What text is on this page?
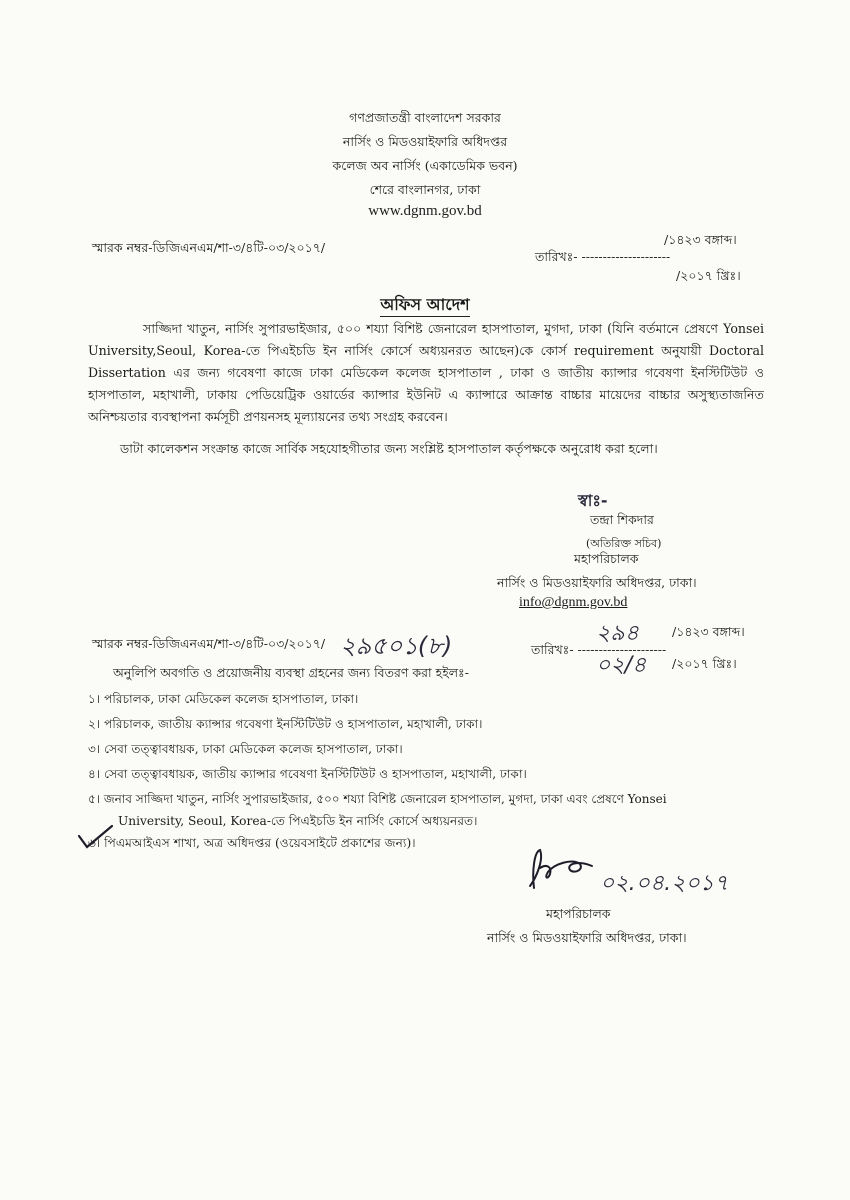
গণপ্রজাতন্ত্রী বাংলাদেশ সরকার
নার্সিং ও মিডওয়াইফারি অধিদপ্তর
কলেজ অব নার্সিং (একাডেমিক ভবন)
শেরে বাংলানগর, ঢাকা
www.dgnm.gov.bd
স্মারক নম্বর-ডিজিএনএম/শা-৩/৪টি-০৩/২০১৭/
/১৪২৩ বঙ্গাব্দ।
তারিখঃ- ---------------------
/২০১৭ খ্রিঃ।
অফিস আদেশ
সাজ্জিদা খাতুন, নার্সিং সুপারভাইজার, ৫০০ শয্যা বিশিষ্ট জেনারেল হাসপাতাল, মুগদা, ঢাকা (যিনি বর্তমানে প্রেষণে Yonsei University,Seoul, Korea-তে পিএইচডি ইন নার্সিং কোর্সে অধ্যয়নরত আছেন)কে কোর্স requirement অনুযায়ী Doctoral Dissertation এর জন্য গবেষণা কাজে ঢাকা মেডিকেল কলেজ হাসপাতাল , ঢাকা ও জাতীয় ক্যান্সার গবেষণা ইনস্টিটিউট ও হাসপাতাল, মহাখালী, ঢাকায় পেডিয়েট্রিক ওয়ার্ডের ক্যান্সার ইউনিট এ ক্যান্সারে আক্রান্ত বাচ্চার মায়েদের বাচ্চার অসুস্থ্যতাজনিত অনিশ্চয়তার ব্যবস্থাপনা কর্মসূচী প্রণয়নসহ মূল্যায়নের তথ্য সংগ্রহ করবেন।
ডাটা কালেকশন সংক্রান্ত কাজে সার্বিক সহযোহগীতার জন্য সংশ্লিষ্ট হাসপাতাল কর্তৃপক্ষকে অনুরোধ করা হলো।
স্বাঃ-
তন্দ্রা শিকদার
(অতিরিক্ত সচিব)
মহাপরিচালক
নার্সিং ও মিডওয়াইফারি অধিদপ্তর, ঢাকা।
info@dgnm.gov.bd
স্মারক নম্বর-ডিজিএনএম/শা-৩/৪টি-০৩/২০১৭/ ২৯৫০১(৮)	২৯৪	/১৪২৩ বঙ্গাব্দ।
তারিখঃ- ---------------------
০২/৪ /২০১৭ খ্রিঃ।
অনুলিপি অবগতি ও প্রয়োজনীয় ব্যবস্থা গ্রহনের জন্য বিতরণ করা হইলঃ-
১। পরিচালক, ঢাকা মেডিকেল কলেজ হাসপাতাল, ঢাকা।
২। পরিচালক, জাতীয় ক্যান্সার গবেষণা ইনস্টিটিউট ও হাসপাতাল, মহাখালী, ঢাকা।
৩। সেবা তত্ত্বাবধায়ক, ঢাকা মেডিকেল কলেজ হাসপাতাল, ঢাকা।
৪। সেবা তত্ত্বাবধায়ক, জাতীয় ক্যান্সার গবেষণা ইনস্টিটিউট ও হাসপাতাল, মহাখালী, ঢাকা।
৫। জনাব সাজ্জিদা খাতুন, নার্সিং সুপারভাইজার, ৫০০ শয্যা বিশিষ্ট জেনারেল হাসপাতাল, মুগদা, ঢাকা এবং প্রেষণে Yonsei
University, Seoul, Korea-তে পিএইচডি ইন নার্সিং কোর্সে অধ্যয়নরত।
৬। পিএমআইএস শাখা, অত্র অধিদপ্তর (ওয়েবসাইটে প্রকাশের জন্য)।
০২.০৪.২০১৭
মহাপরিচালক
নার্সিং ও মিডওয়াইফারি অধিদপ্তর, ঢাকা।
